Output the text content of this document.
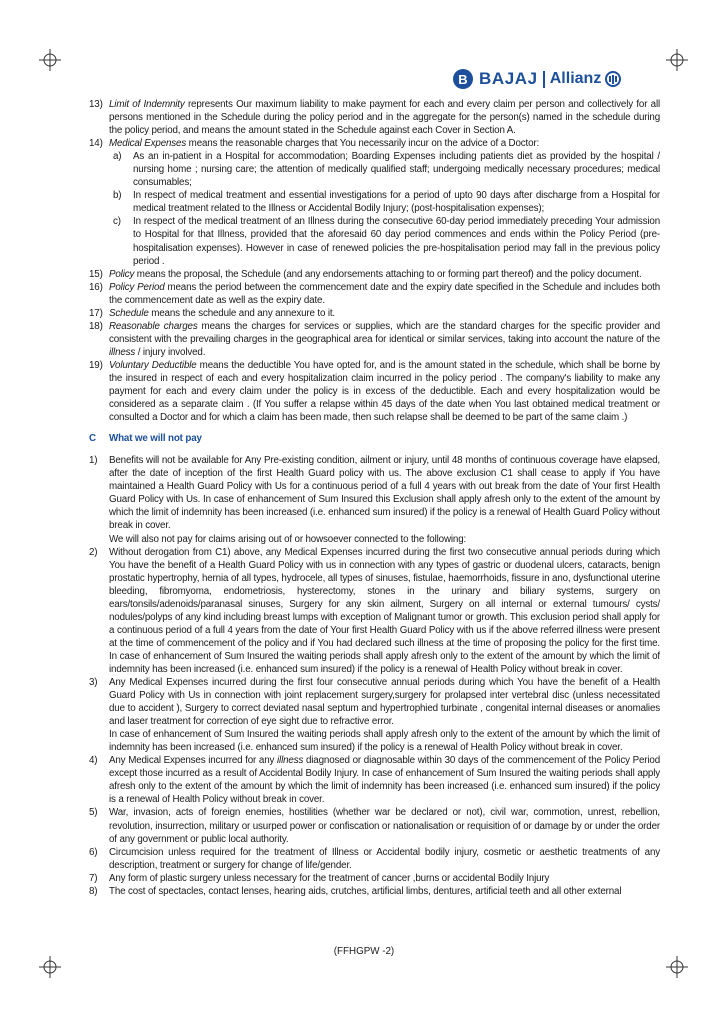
B BAJAJ Allianz
13) Limit of Indemnity represents Our maximum liability to make payment for each and every claim per person and collectively for all persons mentioned in the Schedule during the policy period and in the aggregate for the person(s) named in the schedule during the policy period, and means the amount stated in the Schedule against each Cover in Section A.
14) Medical Expenses means the reasonable charges that You necessarily incur on the advice of a Doctor:
a)	As an in-patient in a Hospital for accommodation; Boarding Expenses including patients diet as provided by the hospital / nursing home ; nursing care; the attention of medically qualified staff; undergoing medically necessary procedures; medical consumables;
b)	In respect of medical treatment and essential investigations for a period of upto 90 days after discharge from a Hospital for medical treatment related to the Illness or Accidental Bodily Injury; (post-hospitalisation expenses);
c)	In respect of the medical treatment of an Illness during the consecutive 60-day period immediately preceding Your admission to Hospital for that Illness, provided that the aforesaid 60 day period commences and ends within the Policy Period (pre-hospitalisation expenses). However in case of renewed policies the pre-hospitalisation period may fall in the previous policy period .
15) Policy means the proposal, the Schedule (and any endorsements attaching to or forming part thereof) and the policy document.
16) Policy Period means the period between the commencement date and the expiry date specified in the Schedule and includes both the commencement date as well as the expiry date.
17) Schedule means the schedule and any annexure to it.
18) Reasonable charges means the charges for services or supplies, which are the standard charges for the specific provider and consistent with the prevailing charges in the geographical area for identical or similar services, taking into account the nature of the illness / injury involved.
19) Voluntary Deductible means the deductible You have opted for, and is the amount stated in the schedule, which shall be borne by the insured in respect of each and every hospitalization claim incurred in the policy period . The company's liability to make any payment for each and every claim under the policy is in excess of the deductible. Each and every hospitalization would be considered as a separate claim . (If You suffer a relapse within 45 days of the date when You last obtained medical treatment or consulted a Doctor and for which a claim has been made, then such relapse shall be deemed to be part of the same claim .)
C	What we will not pay
1)	Benefits will not be available for Any Pre-existing condition, ailment or injury, until 48 months of continuous coverage have elapsed, after the date of inception of the first Health Guard policy with us. The above exclusion C1 shall cease to apply if You have maintained a Health Guard Policy with Us for a continuous period of a full 4 years with out break from the date of Your first Health Guard Policy with Us. In case of enhancement of Sum Insured this Exclusion shall apply afresh only to the extent of the amount by which the limit of indemnity has been increased (i.e. enhanced sum insured) if the policy is a renewal of Health Guard Policy without break in cover.
We will also not pay for claims arising out of or howsoever connected to the following:
2)	Without derogation from C1) above, any Medical Expenses incurred during the first two consecutive annual periods during which You have the benefit of a Health Guard Policy with us in connection with any types of gastric or duodenal ulcers, cataracts, benign prostatic hypertrophy, hernia of all types, hydrocele, all types of sinuses, fistulae, haemorrhoids, fissure in ano, dysfunctional uterine bleeding, fibromyoma, endometriosis, hysterectomy, stones in the urinary and biliary systems, surgery on ears/tonsils/adenoids/paranasal sinuses, Surgery for any skin ailment, Surgery on all internal or external tumours/ cysts/ nodules/polyps of any kind including breast lumps with exception of Malignant tumor or growth. This exclusion period shall apply for a continuous period of a full 4 years from the date of Your first Health Guard Policy with us if the above referred illness were present at the time of commencement of the policy and if You had declared such illness at the time of proposing the policy for the first time. In case of enhancement of Sum Insured the waiting periods shall apply afresh only to the extent of the amount by which the limit of indemnity has been increased (i.e. enhanced sum insured) if the policy is a renewal of Health Policy without break in cover.
3)	Any Medical Expenses incurred during the first four consecutive annual periods during which You have the benefit of a Health Guard Policy with Us in connection with joint replacement surgery,surgery for prolapsed inter vertebral disc (unless necessitated due to accident ), Surgery to correct deviated nasal septum and hypertrophied turbinate , congenital internal diseases or anomalies and laser treatment for correction of eye sight due to refractive error.
In case of enhancement of Sum Insured the waiting periods shall apply afresh only to the extent of the amount by which the limit of indemnity has been increased (i.e. enhanced sum insured) if the policy is a renewal of Health Policy without break in cover.
4)	Any Medical Expenses incurred for any illness diagnosed or diagnosable within 30 days of the commencement of the Policy Period except those incurred as a result of Accidental Bodily Injury. In case of enhancement of Sum Insured the waiting periods shall apply afresh only to the extent of the amount by which the limit of indemnity has been increased (i.e. enhanced sum insured) if the policy is a renewal of Health Policy without break in cover.
5)	War, invasion, acts of foreign enemies, hostilities (whether war be declared or not), civil war, commotion, unrest, rebellion, revolution, insurrection, military or usurped power or confiscation or nationalisation or requisition of or damage by or under the order of any government or public local authority.
6)	Circumcision unless required for the treatment of Illness or Accidental bodily injury, cosmetic or aesthetic treatments of any description, treatment or surgery for change of life/gender.
7)	Any form of plastic surgery unless necessary for the treatment of cancer ,burns or accidental Bodily Injury
8)	The cost of spectacles, contact lenses, hearing aids, crutches, artificial limbs, dentures, artificial teeth and all other external
(FFHGPW -2)
